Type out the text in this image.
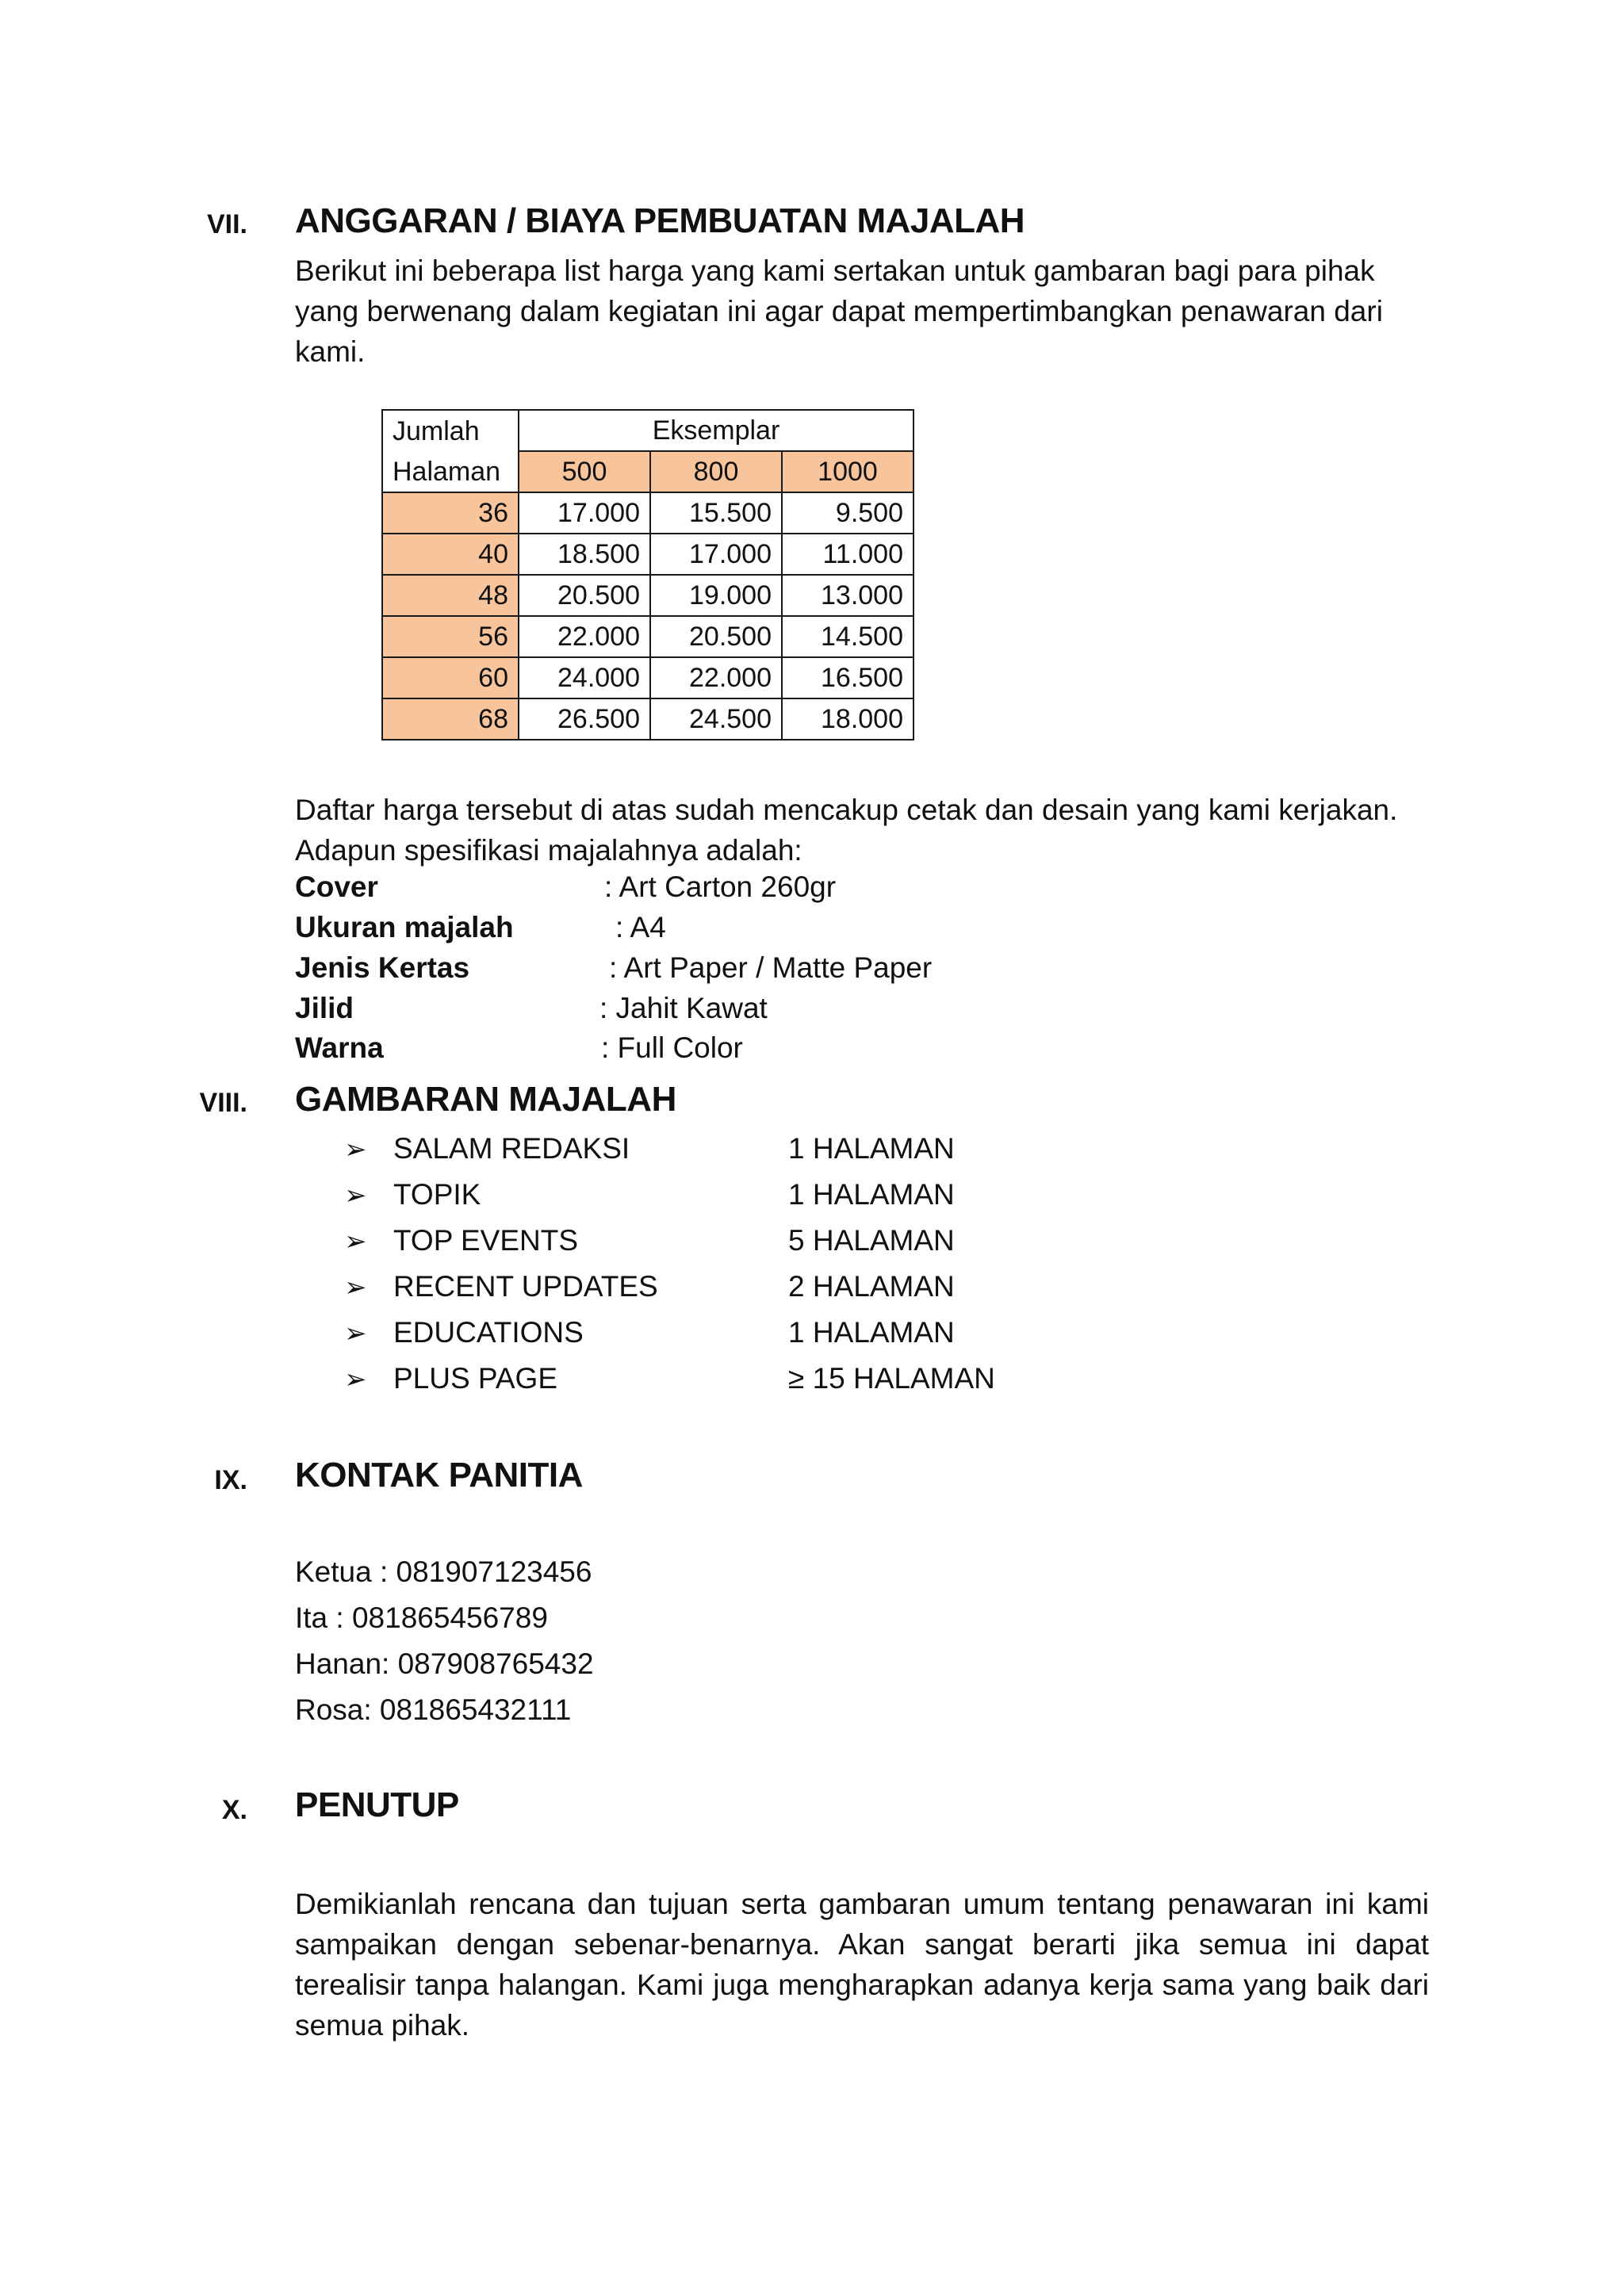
VII. ANGGARAN / BIAYA PEMBUATAN MAJALAH
Berikut ini beberapa list harga yang kami sertakan untuk gambaran bagi para pihak
yang berwenang dalam kegiatan ini agar dapat mempertimbangkan penawaran dari
kami.
Jumlah	Eksemplar		
Halaman	500	800	1000
36	17.000	15.500	9.500
40	18.500	17.000	11.000
48	20.500	19.000	13.000
56	22.000	20.500	14.500
60	24.000	22.000	16.500
68	26.500	24.500	18.000
Daftar harga tersebut di atas sudah mencakup cetak dan desain yang kami kerjakan.
Adapun spesifikasi majalahnya adalah:
Cover	: Art Carton 260gr
Ukuran majalah	: A4
Jenis Kertas	: Art Paper / Matte Paper
Jilid	: Jahit Kawat
Warna	: Full Color
VIII. GAMBARAN MAJALAH
➢ SALAM REDAKSI	1 HALAMAN
➢ TOPIK	1 HALAMAN
➢ TOP EVENTS	5 HALAMAN
➢ RECENT UPDATES	2 HALAMAN
➢ EDUCATIONS	1 HALAMAN
➢ PLUS PAGE	≥ 15 HALAMAN
IX. KONTAK PANITIA
Ketua : 081907123456
Ita : 081865456789
Hanan: 087908765432
Rosa: 081865432111
X. PENUTUP
Demikianlah rencana dan tujuan serta gambaran umum tentang penawaran ini kami sampaikan dengan sebenar-benarnya. Akan sangat berarti jika semua ini dapat terealisir tanpa halangan. Kami juga mengharapkan adanya kerja sama yang baik dari semua pihak.
